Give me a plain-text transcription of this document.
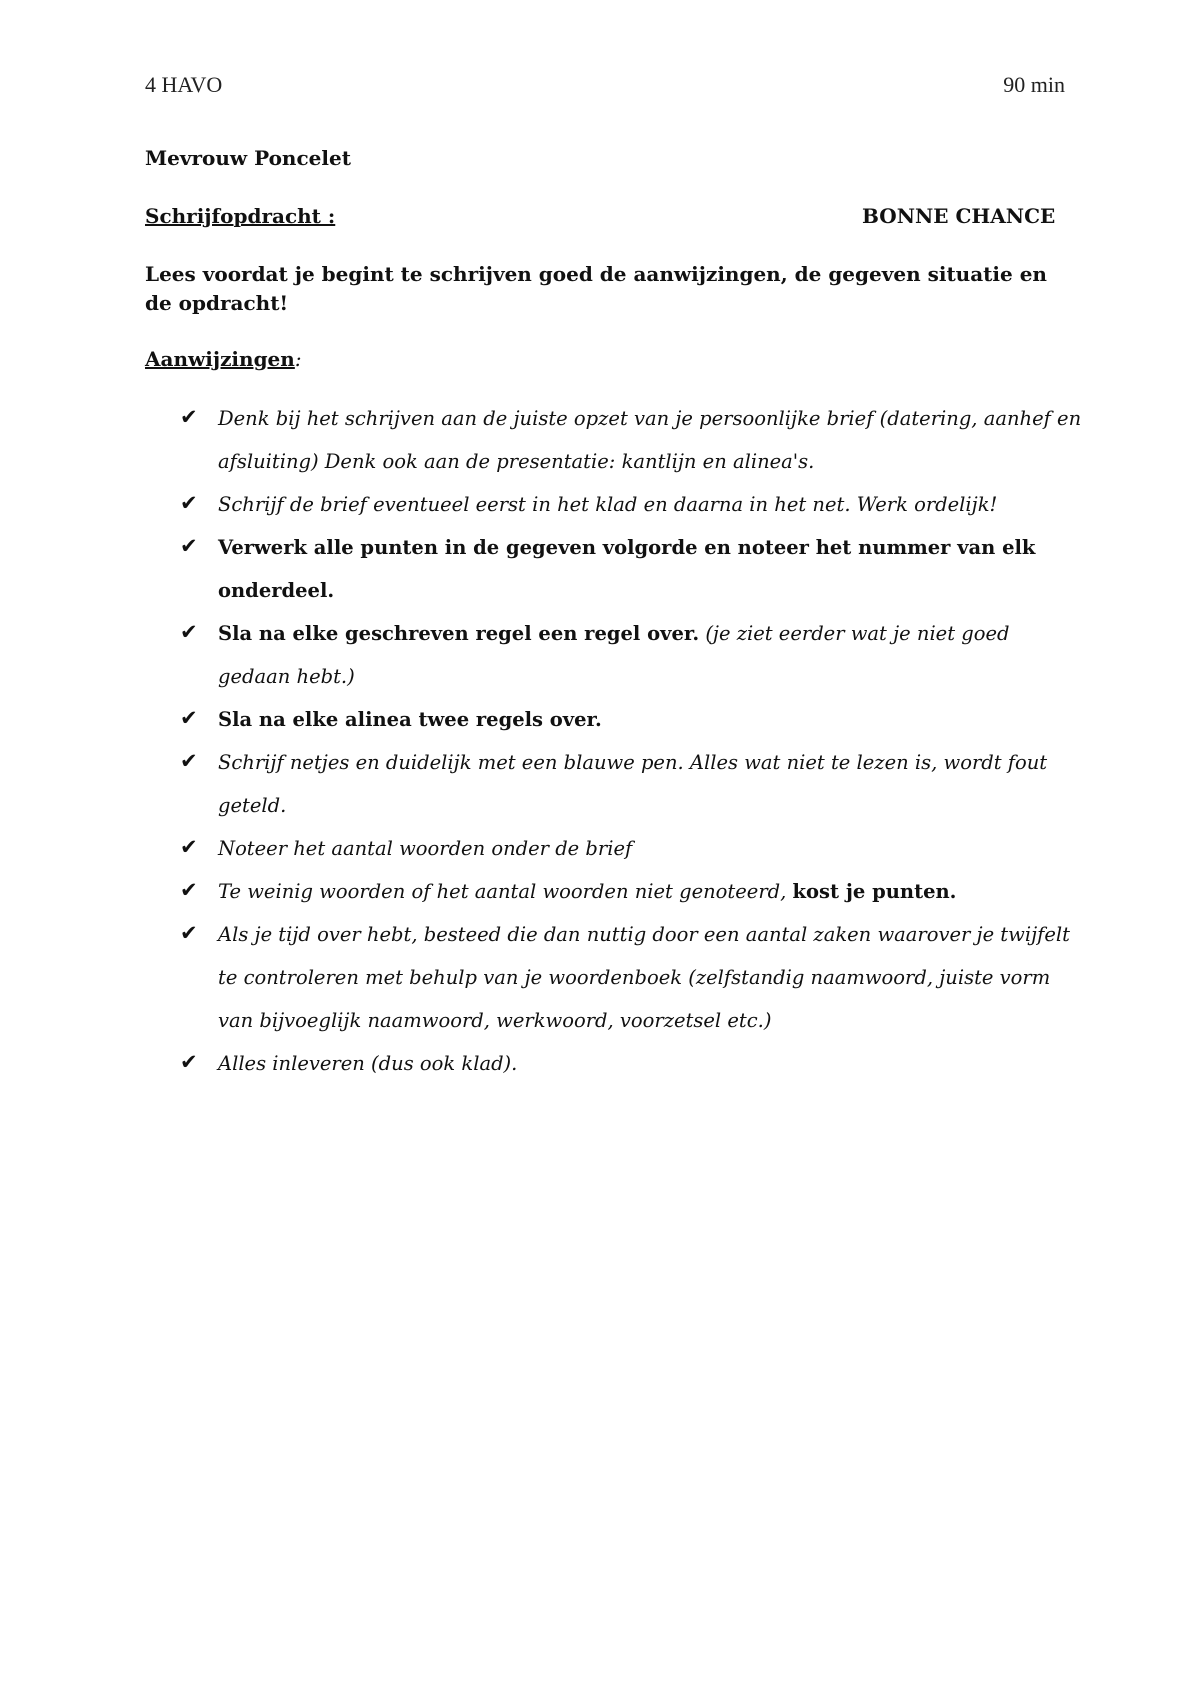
4 HAVO	90 min
Mevrouw Poncelet
Schrijfopdracht :	BONNE CHANCE
Lees voordat je begint te schrijven goed de aanwijzingen, de gegeven situatie en de opdracht!
Aanwijzingen:
✔	Denk bij het schrijven aan de juiste opzet van je persoonlijke brief (datering, aanhef en afsluiting) Denk ook aan de presentatie: kantlijn en alinea's.
✔	Schrijf de brief eventueel eerst in het klad en daarna in het net. Werk ordelijk!
✔	Verwerk alle punten in de gegeven volgorde en noteer het nummer van elk onderdeel.
✔	Sla na elke geschreven regel een regel over. (je ziet eerder wat je niet goed gedaan hebt.)
✔	Sla na elke alinea twee regels over.
✔	Schrijf netjes en duidelijk met een blauwe pen. Alles wat niet te lezen is, wordt fout geteld.
✔	Noteer het aantal woorden onder de brief
✔	Te weinig woorden of het aantal woorden niet genoteerd, kost je punten.
✔	Als je tijd over hebt, besteed die dan nuttig door een aantal zaken waarover je twijfelt te controleren met behulp van je woordenboek (zelfstandig naamwoord, juiste vorm van bijvoeglijk naamwoord, werkwoord, voorzetsel etc.)
✔	Alles inleveren (dus ook klad).
